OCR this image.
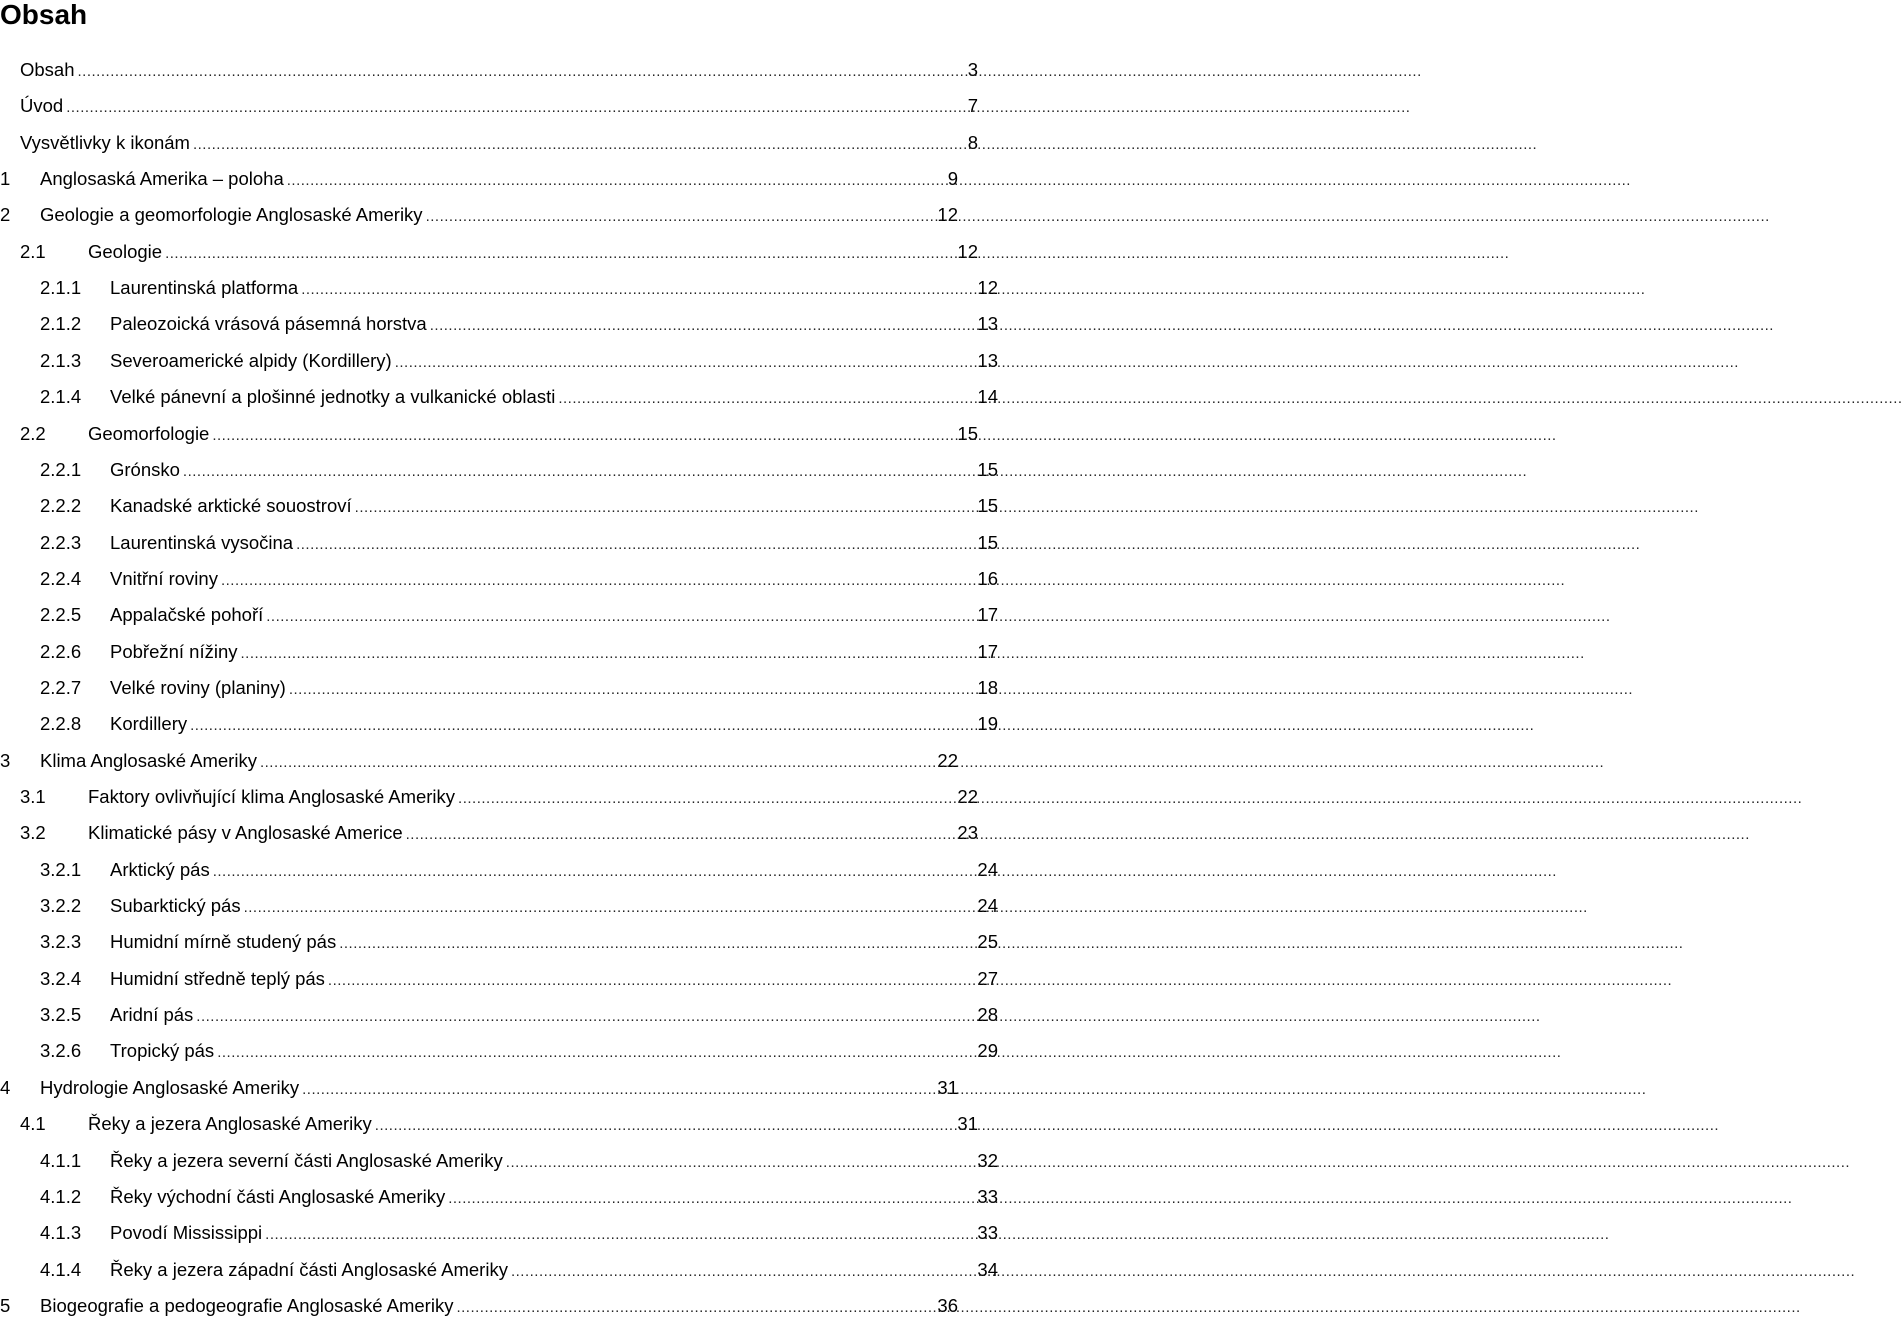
Obsah
Obsah .....	3
Úvod .....	7
Vysvětlivky k ikonám .....	8
1	Anglosaská Amerika – poloha .....	9
2	Geologie a geomorfologie Anglosaské Ameriky .....	12
2.1	Geologie .....	12
2.1.1	Laurentinská platforma .....	12
2.1.2	Paleozoická vrásová pásemná horstva .....	13
2.1.3	Severoamerické alpidy (Kordillery) .....	13
2.1.4	Velké pánevní a plošinné jednotky a vulkanické oblasti .....	14
2.2	Geomorfologie .....	15
2.2.1	Grónsko .....	15
2.2.2	Kanadské arktické souostroví .....	15
2.2.3	Laurentinská vysočina .....	15
2.2.4	Vnitřní roviny .....	16
2.2.5	Appalačské pohoří .....	17
2.2.6	Pobřežní nížiny .....	17
2.2.7	Velké roviny (planiny) .....	18
2.2.8	Kordillery .....	19
3	Klima Anglosaské Ameriky .....	22
3.1	Faktory ovlivňující klima Anglosaské Ameriky .....	22
3.2	Klimatické pásy v Anglosaské Americe .....	23
3.2.1	Arktický pás .....	24
3.2.2	Subarktický pás .....	24
3.2.3	Humidní mírně studený pás .....	25
3.2.4	Humidní středně teplý pás .....	27
3.2.5	Aridní pás .....	28
3.2.6	Tropický pás .....	29
4	Hydrologie Anglosaské Ameriky .....	31
4.1	Řeky a jezera Anglosaské Ameriky .....	31
4.1.1	Řeky a jezera severní části Anglosaské Ameriky .....	32
4.1.2	Řeky východní části Anglosaské Ameriky .....	33
4.1.3	Povodí Mississippi .....	33
4.1.4	Řeky a jezera západní části Anglosaské Ameriky .....	34
5	Biogeografie a pedogeografie Anglosaské Ameriky .....	36
